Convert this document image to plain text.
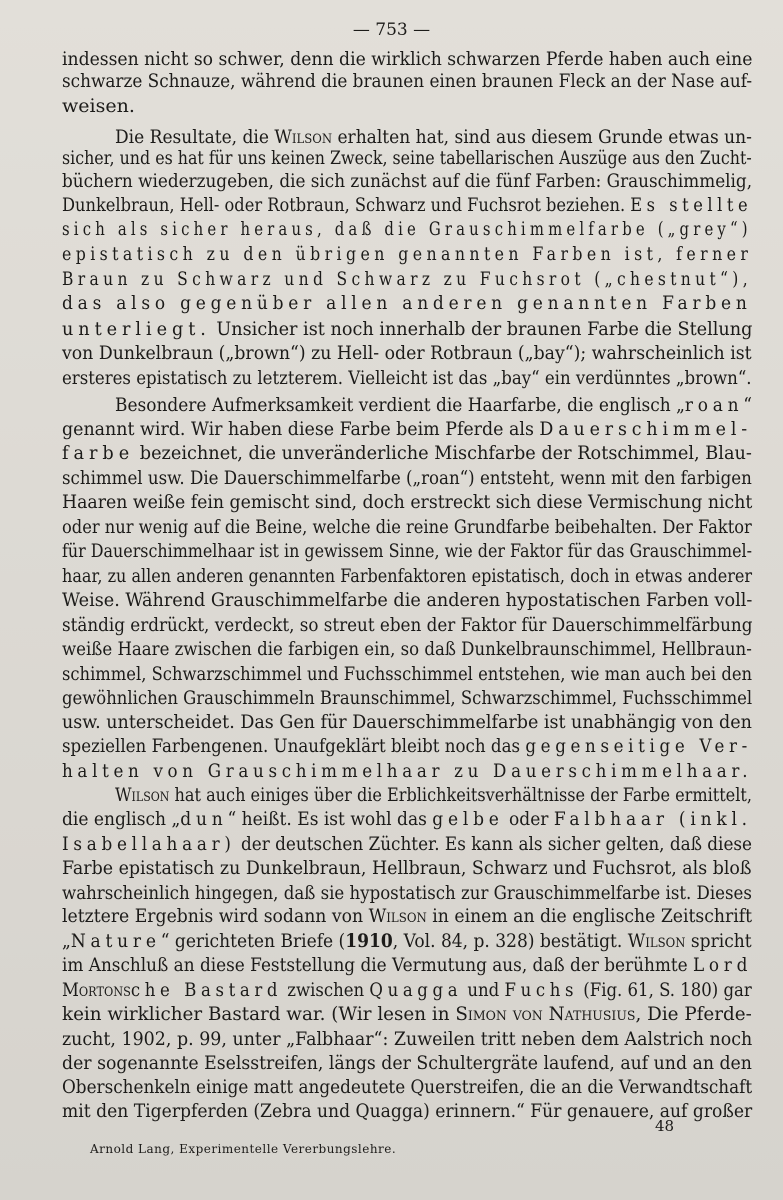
— 753 —
indessen nicht so schwer, denn die wirklich schwarzen Pferde haben auch eine
schwarze Schnauze, während die braunen einen braunen Fleck an der Nase auf-
weisen.
Die Resultate, die Wilson erhalten hat, sind aus diesem Grunde etwas un-
sicher, und es hat für uns keinen Zweck, seine tabellarischen Auszüge aus den Zucht-
büchern wiederzugeben, die sich zunächst auf die fünf Farben: Grauschimmelig,
Dunkelbraun, Hell- oder Rotbraun, Schwarz und Fuchsrot beziehen. Es stellte
sich als sicher heraus, daß die Grauschimmelfarbe („grey“)
epistatisch zu den übrigen genannten Farben ist, ferner
Braun zu Schwarz und Schwarz zu Fuchsrot („chestnut“),
das also gegenüber allen anderen genannten Farben
unterliegt. Unsicher ist noch innerhalb der braunen Farbe die Stellung
von Dunkelbraun („brown“) zu Hell- oder Rotbraun („bay“); wahrscheinlich ist
ersteres epistatisch zu letzterem. Vielleicht ist das „bay“ ein verdünntes „brown“.
Besondere Aufmerksamkeit verdient die Haarfarbe, die englisch „roan“
genannt wird. Wir haben diese Farbe beim Pferde als Dauerschimmel-
farbe bezeichnet, die unveränderliche Mischfarbe der Rotschimmel, Blau-
schimmel usw. Die Dauerschimmelfarbe („roan“) entsteht, wenn mit den farbigen
Haaren weiße fein gemischt sind, doch erstreckt sich diese Vermischung nicht
oder nur wenig auf die Beine, welche die reine Grundfarbe beibehalten. Der Faktor
für Dauerschimmelhaar ist in gewissem Sinne, wie der Faktor für das Grauschimmel-
haar, zu allen anderen genannten Farbenfaktoren epistatisch, doch in etwas anderer
Weise. Während Grauschimmelfarbe die anderen hypostatischen Farben voll-
ständig erdrückt, verdeckt, so streut eben der Faktor für Dauerschimmelfärbung
weiße Haare zwischen die farbigen ein, so daß Dunkelbraunschimmel, Hellbraun-
schimmel, Schwarzschimmel und Fuchsschimmel entstehen, wie man auch bei den
gewöhnlichen Grauschimmeln Braunschimmel, Schwarzschimmel, Fuchsschimmel
usw. unterscheidet. Das Gen für Dauerschimmelfarbe ist unabhängig von den
speziellen Farbengenen. Unaufgeklärt bleibt noch das gegenseitige Ver-
halten von Grauschimmelhaar zu Dauerschimmelhaar.
Wilson hat auch einiges über die Erblichkeitsverhältnisse der Farbe ermittelt,
die englisch „dun“ heißt. Es ist wohl das gelbe oder Falbhaar (inkl.
Isabellahaar) der deutschen Züchter. Es kann als sicher gelten, daß diese
Farbe epistatisch zu Dunkelbraun, Hellbraun, Schwarz und Fuchsrot, als bloß
wahrscheinlich hingegen, daß sie hypostatisch zur Grauschimmelfarbe ist. Dieses
letztere Ergebnis wird sodann von Wilson in einem an die englische Zeitschrift
„Nature“ gerichteten Briefe (1910, Vol. 84, p. 328) bestätigt. Wilson spricht
im Anschluß an diese Feststellung die Vermutung aus, daß der berühmte Lord
Mortonsche Bastard zwischen Quagga und Fuchs (Fig. 61, S. 180) gar
kein wirklicher Bastard war. (Wir lesen in Simon von Nathusius, Die Pferde-
zucht, 1902, p. 99, unter „Falbhaar“: Zuweilen tritt neben dem Aalstrich noch
der sogenannte Eselsstreifen, längs der Schultergräte laufend, auf und an den
Oberschenkeln einige matt angedeutete Querstreifen, die an die Verwandtschaft
mit den Tigerpferden (Zebra und Quagga) erinnern.“ Für genauere, auf großer
48
Arnold Lang, Experimentelle Vererbungslehre.
